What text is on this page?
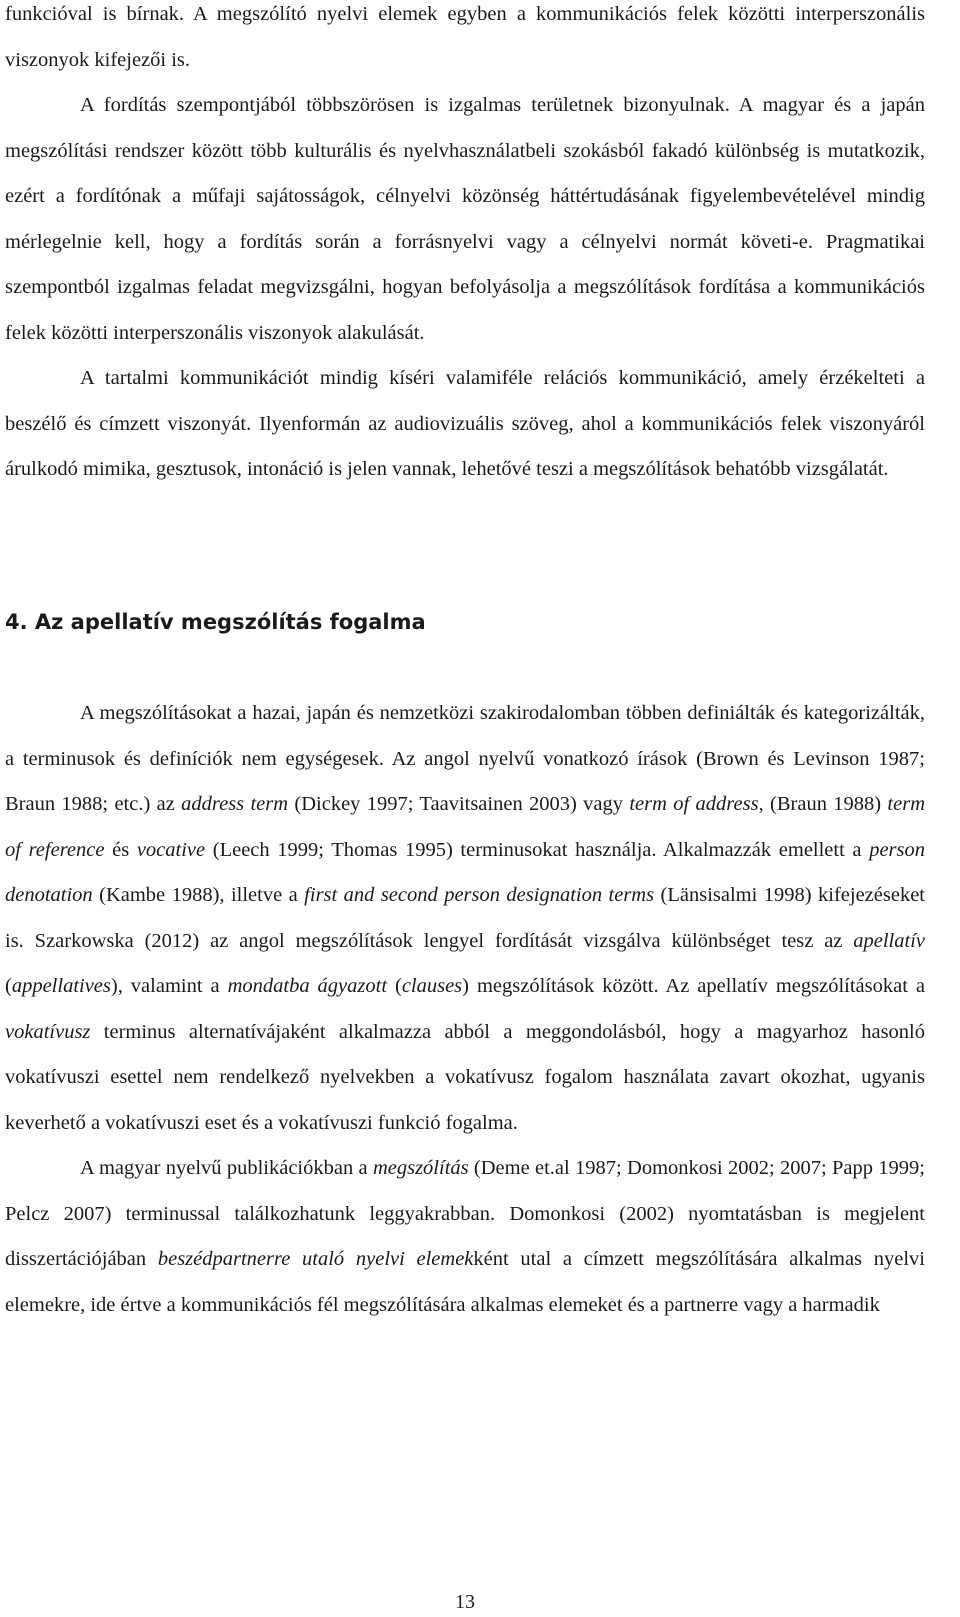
funkcióval is bírnak. A megszólító nyelvi elemek egyben a kommunikációs felek közötti interperszonális viszonyok kifejezői is.

A fordítás szempontjából többszörösen is izgalmas területnek bizonyulnak. A magyar és a japán megszólítási rendszer között több kulturális és nyelvhasználatbeli szokásból fakadó különbség is mutatkozik, ezért a fordítónak a műfaji sajátosságok, célnyelvi közönség háttértudásának figyelembevételével mindig mérlegelnie kell, hogy a fordítás során a forrásnyelvi vagy a célnyelvi normát követi-e. Pragmatikai szempontból izgalmas feladat megvizsgálni, hogyan befolyásolja a megszólítások fordítása a kommunikációs felek közötti interperszonális viszonyok alakulását.

A tartalmi kommunikációt mindig kíséri valamiféle relációs kommunikáció, amely érzékelteti a beszélő és címzett viszonyát. Ilyenformán az audiovizuális szöveg, ahol a kommunikációs felek viszonyáról árulkodó mimika, gesztusok, intonáció is jelen vannak, lehetővé teszi a megszólítások behatóbb vizsgálatát.

4. Az apellatív megszólítás fogalma

A megszólításokat a hazai, japán és nemzetközi szakirodalomban többen definiálták és kategorizálták, a terminusok és definíciók nem egységesek. Az angol nyelvű vonatkozó írások (Brown és Levinson 1987; Braun 1988; etc.) az address term (Dickey 1997; Taavitsainen 2003) vagy term of address, (Braun 1988) term of reference és vocative (Leech 1999; Thomas 1995) terminusokat használja. Alkalmazzák emellett a person denotation (Kambe 1988), illetve a first and second person designation terms (Länsisalmi 1998) kifejezéseket is. Szarkowska (2012) az angol megszólítások lengyel fordítását vizsgálva különbséget tesz az apellatív (appellatives), valamint a mondatba ágyazott (clauses) megszólítások között. Az apellatív megszólításokat a vokatívusz terminus alternatívájaként alkalmazza abból a meggondolásból, hogy a magyarhoz hasonló vokatívuszi esettel nem rendelkező nyelvekben a vokatívusz fogalom használata zavart okozhat, ugyanis keverhető a vokatívuszi eset és a vokatívuszi funkció fogalma.

A magyar nyelvű publikációkban a megszólítás (Deme et.al 1987; Domonkosi 2002; 2007; Papp 1999; Pelcz 2007) terminussal találkozhatunk leggyakrabban. Domonkosi (2002) nyomtatásban is megjelent disszertációjában beszédpartnerre utaló nyelvi elemekként utal a címzett megszólítására alkalmas nyelvi elemekre, ide értve a kommunikációs fél megszólítására alkalmas elemeket és a partnerre vagy a harmadik

13
